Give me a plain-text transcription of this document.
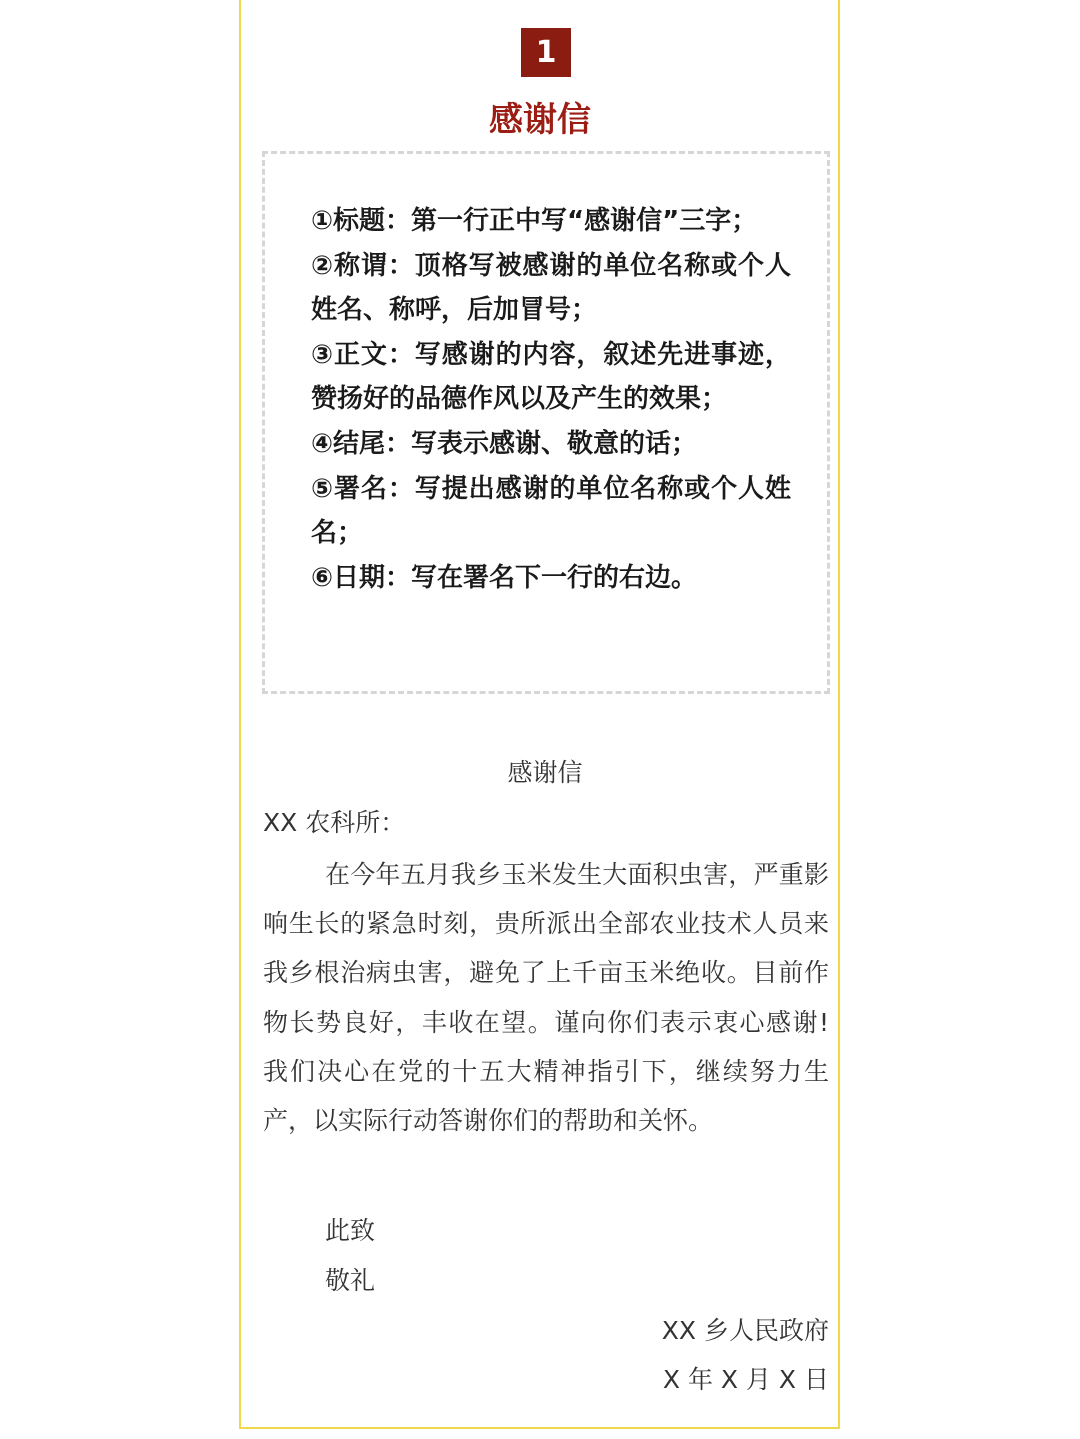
1
感谢信
①标题：第一行正中写“感谢信”三字；
②称谓：顶格写被感谢的单位名称或个人姓名、称呼，后加冒号；
③正文：写感谢的内容，叙述先进事迹，赞扬好的品德作风以及产生的效果；
④结尾：写表示感谢、敬意的话；
⑤署名：写提出感谢的单位名称或个人姓名；
⑥日期：写在署名下一行的右边。
感谢信
XX 农科所：

在今年五月我乡玉米发生大面积虫害，严重影响生长的紧急时刻，贵所派出全部农业技术人员来我乡根治病虫害，避免了上千亩玉米绝收。目前作物长势良好，丰收在望。谨向你们表示衷心感谢! 我们决心在党的十五大精神指引下，继续努力生产，以实际行动答谢你们的帮助和关怀。

此致
敬礼
XX 乡人民政府
X 年 X 月 X 日
